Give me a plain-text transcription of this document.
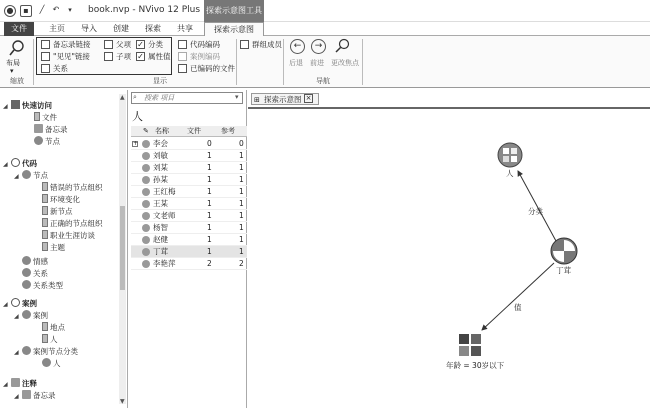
●	▪	╱	↶	▾	book.nvp - NVivo 12 Plus 探索示意图工具
文件	主页	导入	创建	探索	共享	探索示意图
布局
▾
缩放
备忘录链接
"见见"链接
关系
父项
子项
✓ 分类
✓ 属性值
代码编码
案例编码
已编码的文件
群组成员
显示
←	→
后退 前进 更改焦点
导航
◢ 快速访问
文件
备忘录
节点
◢ 代码
◢ 节点
错误的节点组织
环境变化
新节点
正确的节点组织
职业生涯访谈
主题
情感
关系
关系类型
◢ 案例
◢ 案例
地点
人
◢ 案例节点分类
人
◢ 注释
◢ 备忘录
▲
▼
搜索 项目
⌕	▾
人
✎ 名称	文件	参考
+ 李会	0	0
刘敏	1	1
刘某	1	1
孙某	1	1
王红梅	1	1
王某	1	1
文老师	1	1
杨智	1	1
赵健	1	1
丁茸	1	1
李艳萍	2	2
⊞ 探索示意图 ×
人
丁茸
年龄 = 30岁以下
分类
值
